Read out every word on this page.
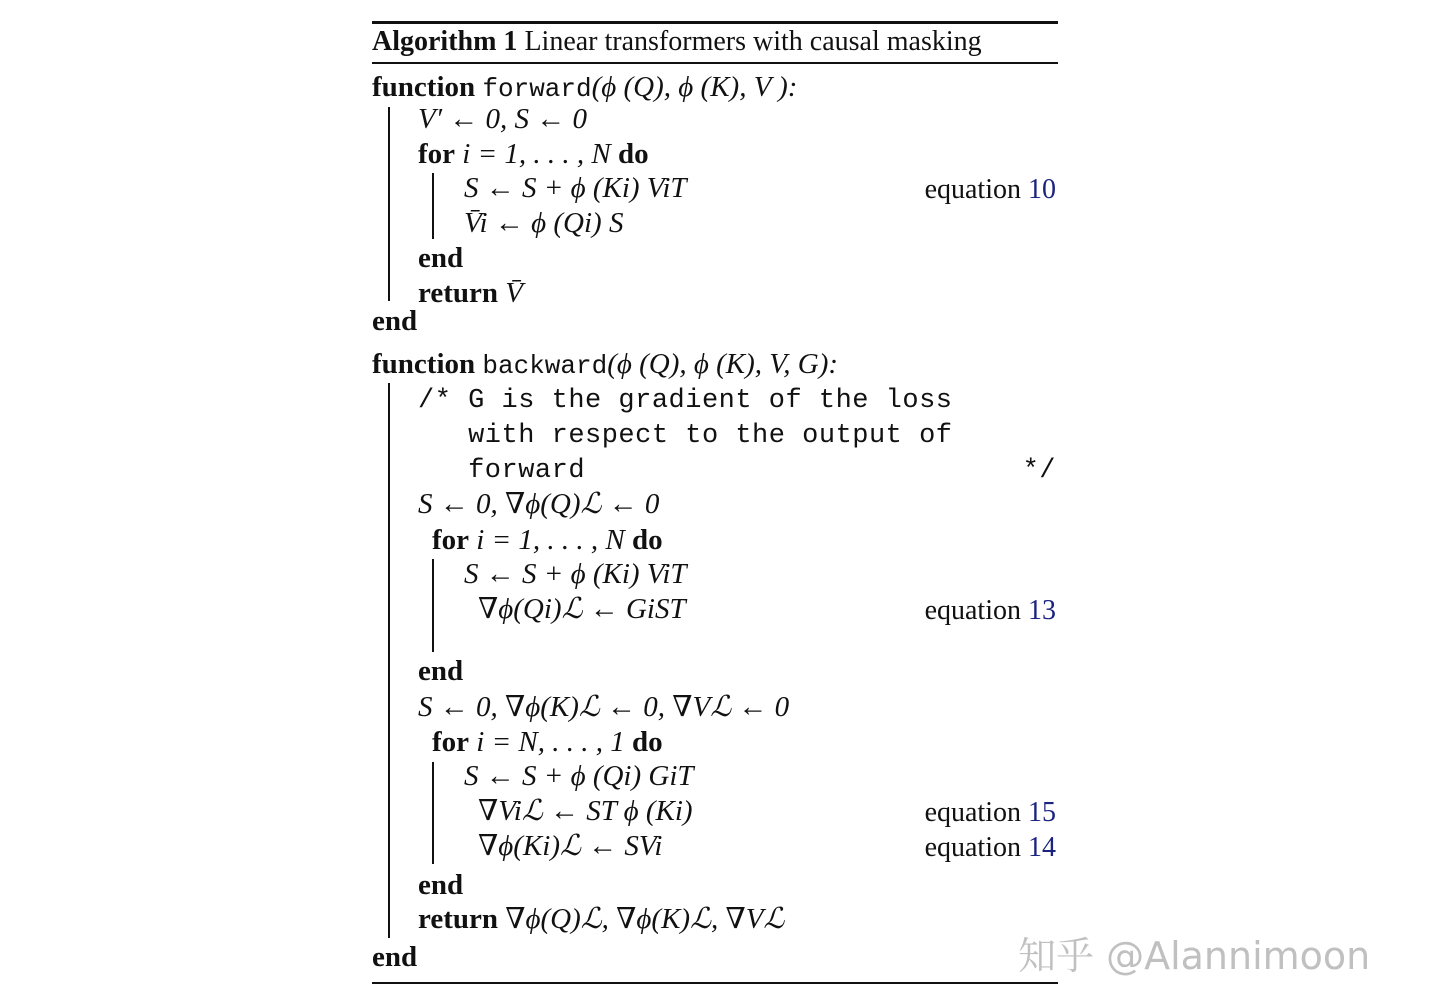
Algorithm 1 Linear transformers with causal masking
function forward(ϕ (Q), ϕ (K), V ):
V′ ← 0, S ← 0
for i = 1, . . . , N do
S ← S + ϕ (Ki) ViT	equation 10
V̄i ← ϕ (Qi) S
end
return V̄
end
function backward(ϕ (Q), ϕ (K), V, G):
/* G is the gradient of the loss
with respect to the output of
forward	*/
S ← 0, ∇ϕ(Q)ℒ ← 0
for i = 1, . . . , N do
S ← S + ϕ (Ki) ViT
∇ϕ(Qi)ℒ ← GiST	equation 13
end
S ← 0, ∇ϕ(K)ℒ ← 0, ∇Vℒ ← 0
for i = N, . . . , 1 do
S ← S + ϕ (Qi) GiT
∇Viℒ ← ST ϕ (Ki)	equation 15
∇ϕ(Ki)ℒ ← SVi	equation 14
end
return ∇ϕ(Q)ℒ, ∇ϕ(K)ℒ, ∇Vℒ
end	知乎 @Alannimoon
